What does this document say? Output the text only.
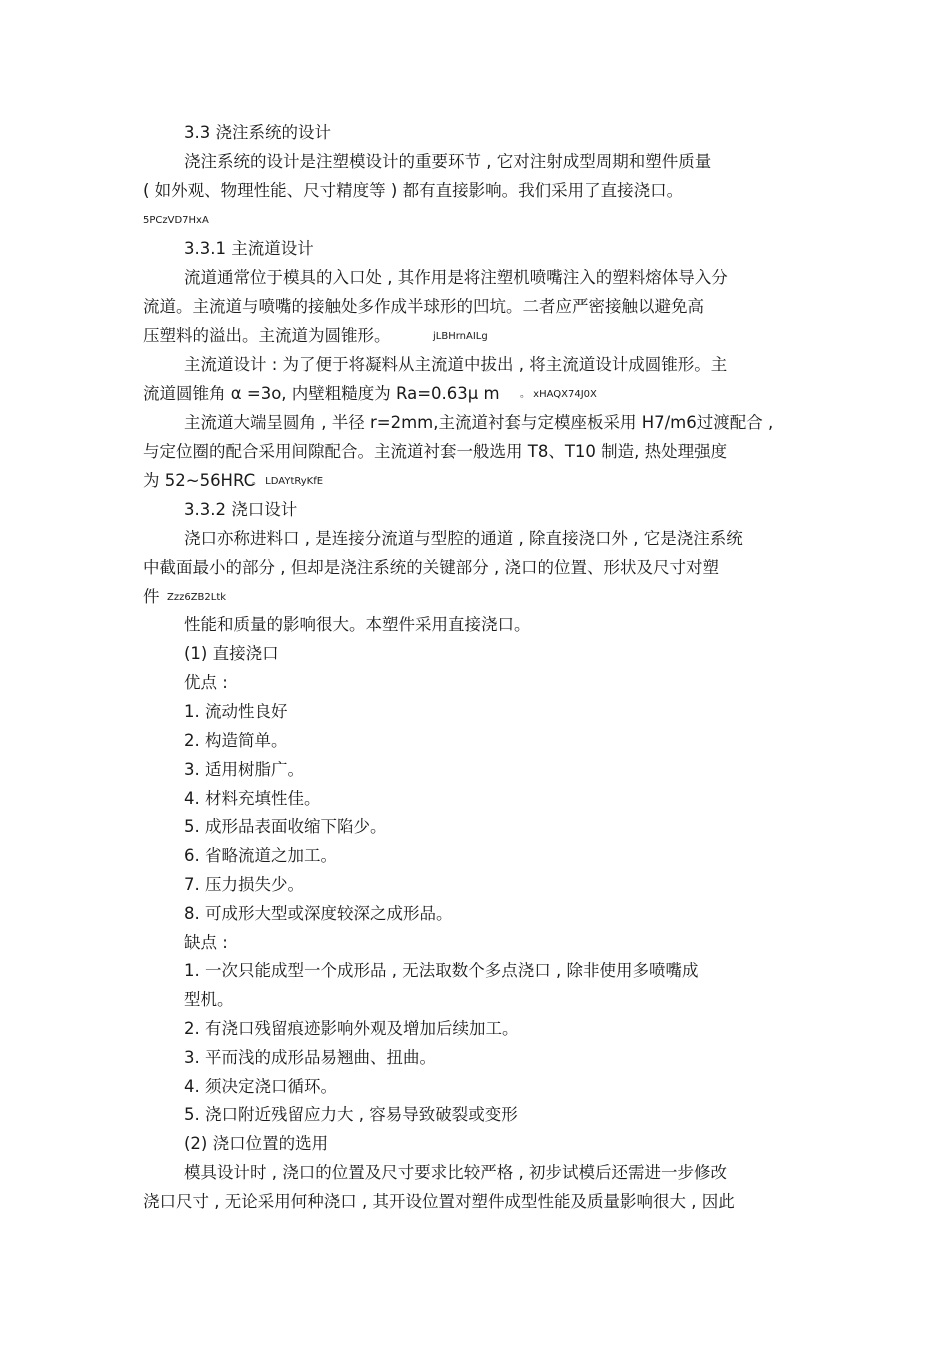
3.3 浇注系统的设计
浇注系统的设计是注塑模设计的重要环节 , 它对注射成型周期和塑件质量
( 如外观、物理性能、尺寸精度等 ) 都有直接影响。我们采用了直接浇口。
5PCzVD7HxA
3.3.1 主流道设计
流道通常位于模具的入口处 , 其作用是将注塑机喷嘴注入的塑料熔体导入分
流道。主流道与喷嘴的接触处多作成半球形的凹坑。二者应严密接触以避免高
压塑料的溢出。主流道为圆锥形。	jLBHrnAILg
主流道设计 : 为了便于将凝料从主流道中拔出 , 将主流道设计成圆锥形。主
流道圆锥角 α =3o, 内壁粗糙度为 Ra=0.63μ m 。 xHAQX74J0X
主流道大端呈圆角 , 半径 r=2mm,主流道衬套与定模座板采用 H7/m6过渡配合 ,
与定位圈的配合采用间隙配合。主流道衬套一般选用 T8、T10 制造, 热处理强度
为 52~56HRC
。 LDAYtRyKfE
3.3.2 浇口设计
浇口亦称进料口 , 是连接分流道与型腔的通道 , 除直接浇口外 , 它是浇注系统
中截面最小的部分 , 但却是浇注系统的关键部分 , 浇口的位置、形状及尺寸对塑
件 Zzz6ZB2Ltk
性能和质量的影响很大。本塑件采用直接浇口。
(1) 直接浇口
优点 :
1. 流动性良好
2. 构造简单。
3. 适用树脂广。
4. 材料充填性佳。
5. 成形品表面收缩下陷少。
6. 省略流道之加工。
7. 压力损失少。
8. 可成形大型或深度较深之成形品。
缺点 :
1. 一次只能成型一个成形品 , 无法取数个多点浇口 , 除非使用多喷嘴成
型机。
2. 有浇口残留痕迹影响外观及增加后续加工。
3. 平而浅的成形品易翘曲、扭曲。
4. 须决定浇口循环。
5. 浇口附近残留应力大 , 容易导致破裂或变形
(2) 浇口位置的选用
模具设计时 , 浇口的位置及尺寸要求比较严格 , 初步试模后还需进一步修改
浇口尺寸 , 无论采用何种浇口 , 其开设位置对塑件成型性能及质量影响很大 , 因此
